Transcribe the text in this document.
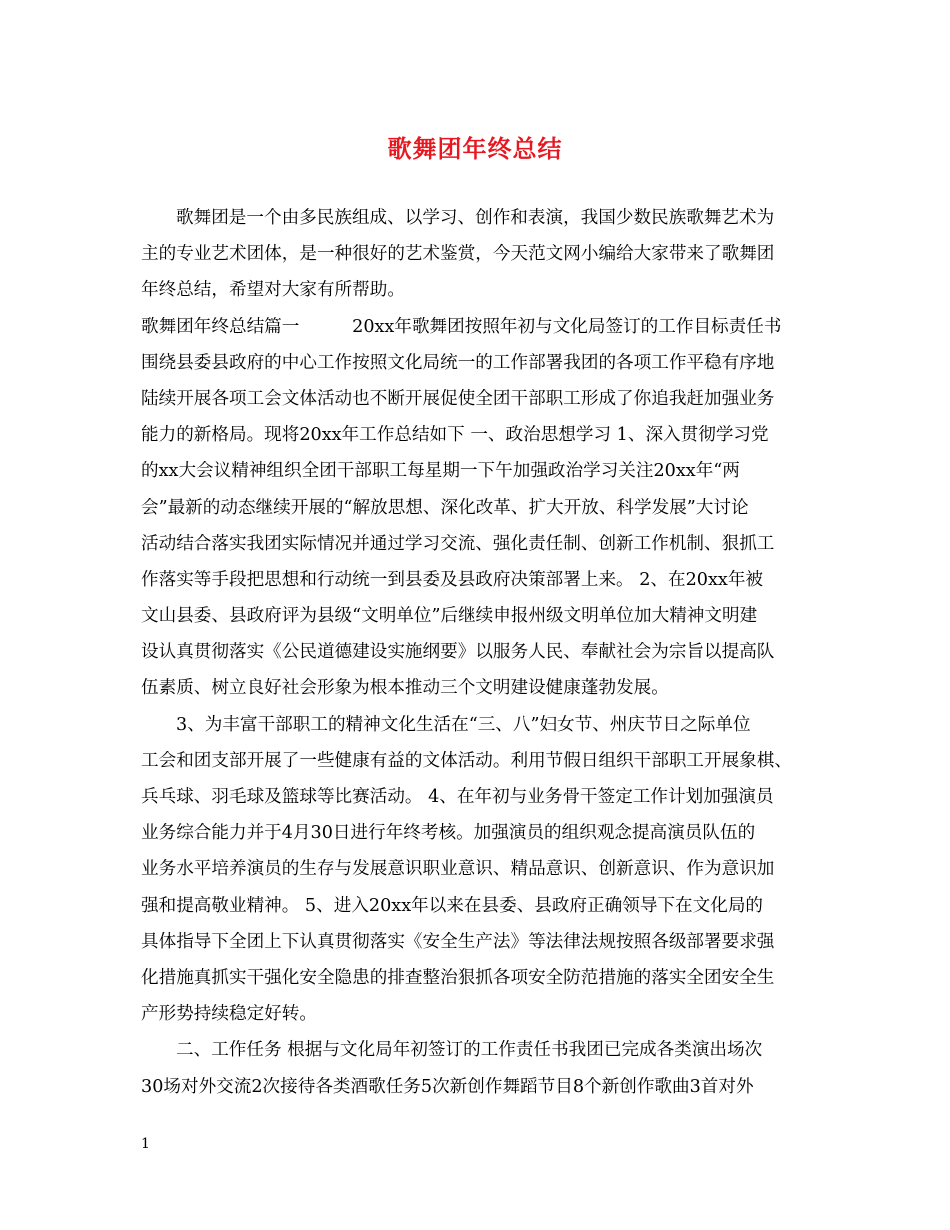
歌舞团年终总结
歌舞团是一个由多民族组成、以学习、创作和表演，我国少数民族歌舞艺术为
主的专业艺术团体，是一种很好的艺术鉴赏，今天范文网小编给大家带来了歌舞团
年终总结，希望对大家有所帮助。
歌舞团年终总结篇一　　　20xx年歌舞团按照年初与文化局签订的工作目标责任书
围绕县委县政府的中心工作按照文化局统一的工作部署我团的各项工作平稳有序地
陆续开展各项工会文体活动也不断开展促使全团干部职工形成了你追我赶加强业务
能力的新格局。现将20xx年工作总结如下 一、政治思想学习 1、深入贯彻学习党
的xx大会议精神组织全团干部职工每星期一下午加强政治学习关注20xx年“两
会”最新的动态继续开展的“解放思想、深化改革、扩大开放、科学发展”大讨论
活动结合落实我团实际情况并通过学习交流、强化责任制、创新工作机制、狠抓工
作落实等手段把思想和行动统一到县委及县政府决策部署上来。 2、在20xx年被
文山县委、县政府评为县级“文明单位”后继续申报州级文明单位加大精神文明建
设认真贯彻落实《公民道德建设实施纲要》以服务人民、奉献社会为宗旨以提高队
伍素质、树立良好社会形象为根本推动三个文明建设健康蓬勃发展。
3、为丰富干部职工的精神文化生活在“三、八”妇女节、州庆节日之际单位
工会和团支部开展了一些健康有益的文体活动。利用节假日组织干部职工开展象棋、
兵乓球、羽毛球及篮球等比赛活动。 4、在年初与业务骨干签定工作计划加强演员
业务综合能力并于4月30日进行年终考核。加强演员的组织观念提高演员队伍的
业务水平培养演员的生存与发展意识职业意识、精品意识、创新意识、作为意识加
强和提高敬业精神。 5、进入20xx年以来在县委、县政府正确领导下在文化局的
具体指导下全团上下认真贯彻落实《安全生产法》等法律法规按照各级部署要求强
化措施真抓实干强化安全隐患的排查整治狠抓各项安全防范措施的落实全团安全生
产形势持续稳定好转。
二、工作任务 根据与文化局年初签订的工作责任书我团已完成各类演出场次
30场对外交流2次接待各类酒歌任务5次新创作舞蹈节目8个新创作歌曲3首对外
1
